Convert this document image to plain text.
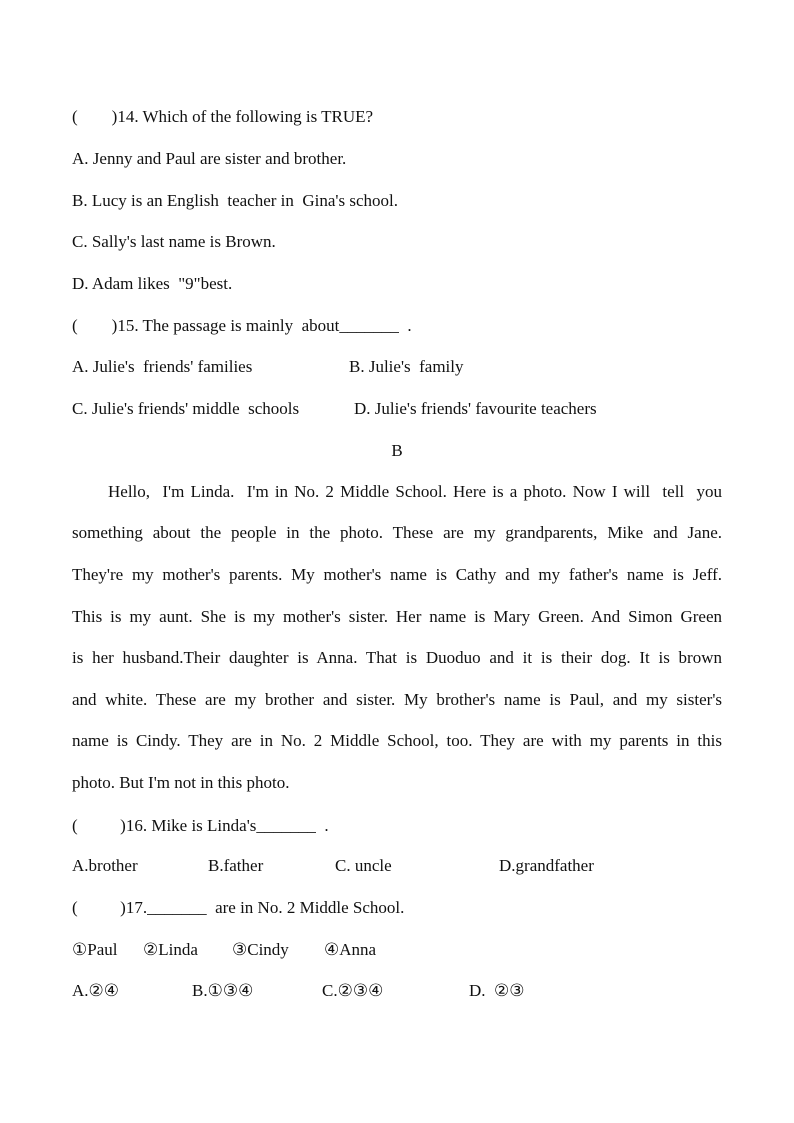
(        )14. Which of the following is TRUE?
A. Jenny and Paul are sister and brother.
B. Lucy is an English  teacher in  Gina's school.
C. Sally's last name is Brown.
D. Adam likes  "9"best.
(        )15. The passage is mainly  about_______  .
A. Julie's  friends' families	B. Julie's  family
C. Julie's friends' middle  schools	D. Julie's friends' favourite teachers
B
Hello,  I'm Linda.  I'm in No. 2 Middle School. Here is a photo. Now I will  tell  you
something about the people in the photo. These are my grandparents, Mike and Jane.
They're my mother's parents. My mother's name is Cathy and my father's name is Jeff.
This is my aunt. She is my mother's sister. Her name is Mary Green. And Simon Green
is her husband.Their daughter is Anna. That is Duoduo and it is their dog. It is brown
and white. These are my brother and sister. My brother's name is Paul, and my sister's
name is Cindy. They are in No. 2 Middle School, too. They are with my parents in this
photo. But I'm not in this photo.
(          )16. Mike is Linda's_______  .
A.brother	B.father	C. uncle	D.grandfather
(          )17._______  are in No. 2 Middle School.
①Paul ②Linda ③Cindy ④Anna
A.②④	B.①③④	C.②③④	D.  ②③
